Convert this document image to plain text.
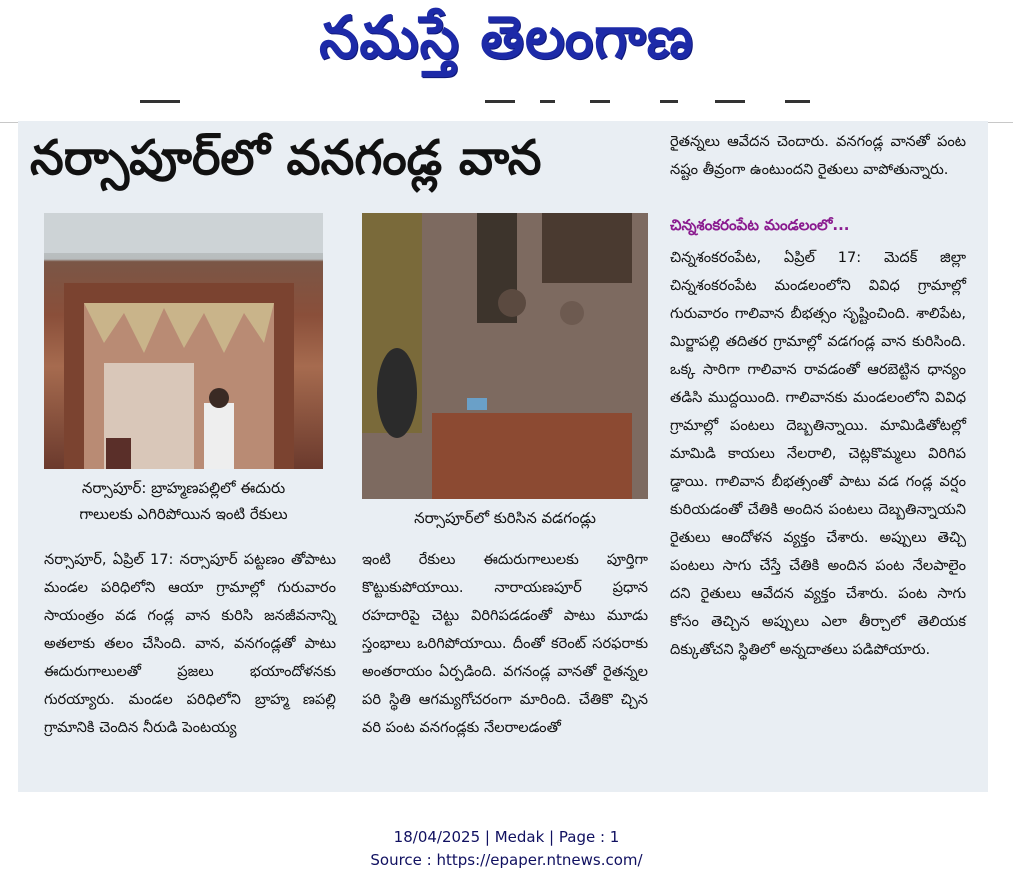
నమస్తే తెలంగాణ
నర్సాపూర్‌లో వనగండ్ల వాన
నర్సాపూర్‌: బ్రాహ్మణపల్లిలో ఈదురు
గాలులకు ఎగిరిపోయిన ఇంటి రేకులు	నర్సాపూర్‌లో కురిసిన వడగండ్లు
నర్సాపూర్‌, ఏప్రిల్‌ 17: నర్సాపూర్‌ పట్టణం తోపాటు మండల పరిధిలోని ఆయా గ్రామాల్లో గురువారం సాయంత్రం వడ గండ్ల వాన కురిసి జనజీవనాన్ని అతలాకు తలం చేసింది. వాన, వనగండ్లతో పాటు ఈదురుగాలులతో ప్రజలు భయాందోళనకు గురయ్యారు. మండల పరిధిలోని బ్రాహ్మ ణపల్లి గ్రామానికి చెందిన నీరుడి పెంటయ్య
ఇంటి రేకులు ఈదురుగాలులకు పూర్తిగా కొట్టుకుపోయాయి. నారాయణపూర్‌ ప్రధాన రహదారిపై చెట్టు విరిగిపడడంతో పాటు మూడు స్తంభాలు ఒరిగిపోయాయి. దీంతో కరెంట్‌ సరఫరాకు అంతరాయం ఏర్పడింది. వగనండ్ల వానతో రైతన్నల పరి స్థితి ఆగమ్యగోచరంగా మారింది. చేతికొ చ్చిన వరి పంట వనగండ్లకు నేలరాలడంతో
రైతన్నలు ఆవేదన చెందారు. వనగండ్ల వానతో పంట నష్టం తీవ్రంగా ఉంటుందని రైతులు వాపోతున్నారు.
చిన్నశంకరంపేట మండలంలో...
చిన్నశంకరంపేట, ఏప్రిల్‌ 17: మెదక్‌ జిల్లా చిన్నశంకరంపేట మండలంలోని వివిధ గ్రామాల్లో గురువారం గాలివాన బీభత్సం సృష్టించింది. శాలిపేట, మిర్జాపల్లి తదితర గ్రామాల్లో వడగండ్ల వాన కురిసింది. ఒక్క సారిగా గాలివాన రావడంతో ఆరబెట్టిన ధాన్యం తడిసి ముద్దయింది. గాలివానకు మండలంలోని వివిధ గ్రామాల్లో పంటలు దెబ్బతిన్నాయి. మామిడితోటల్లో మామిడి కాయలు నేలరాలి, చెట్లకొమ్మలు విరిగిప డ్డాయి. గాలివాన బీభత్సంతో పాటు వడ గండ్ల వర్షం కురియడంతో చేతికి అందిన పంటలు దెబ్బతిన్నాయని రైతులు ఆందోళన వ్యక్తం చేశారు. అప్పులు తెచ్చి పంటలు సాగు చేస్తే చేతికి అందిన పంట నేలపాలైం దని రైతులు ఆవేదన వ్యక్తం చేశారు. పంట సాగు కోసం తెచ్చిన అప్పులు ఎలా తీర్చాలో తెలియక దిక్కుతోచని స్థితిలో అన్నదాతలు పడిపోయారు.
18/04/2025 | Medak | Page : 1
Source : https://epaper.ntnews.com/
